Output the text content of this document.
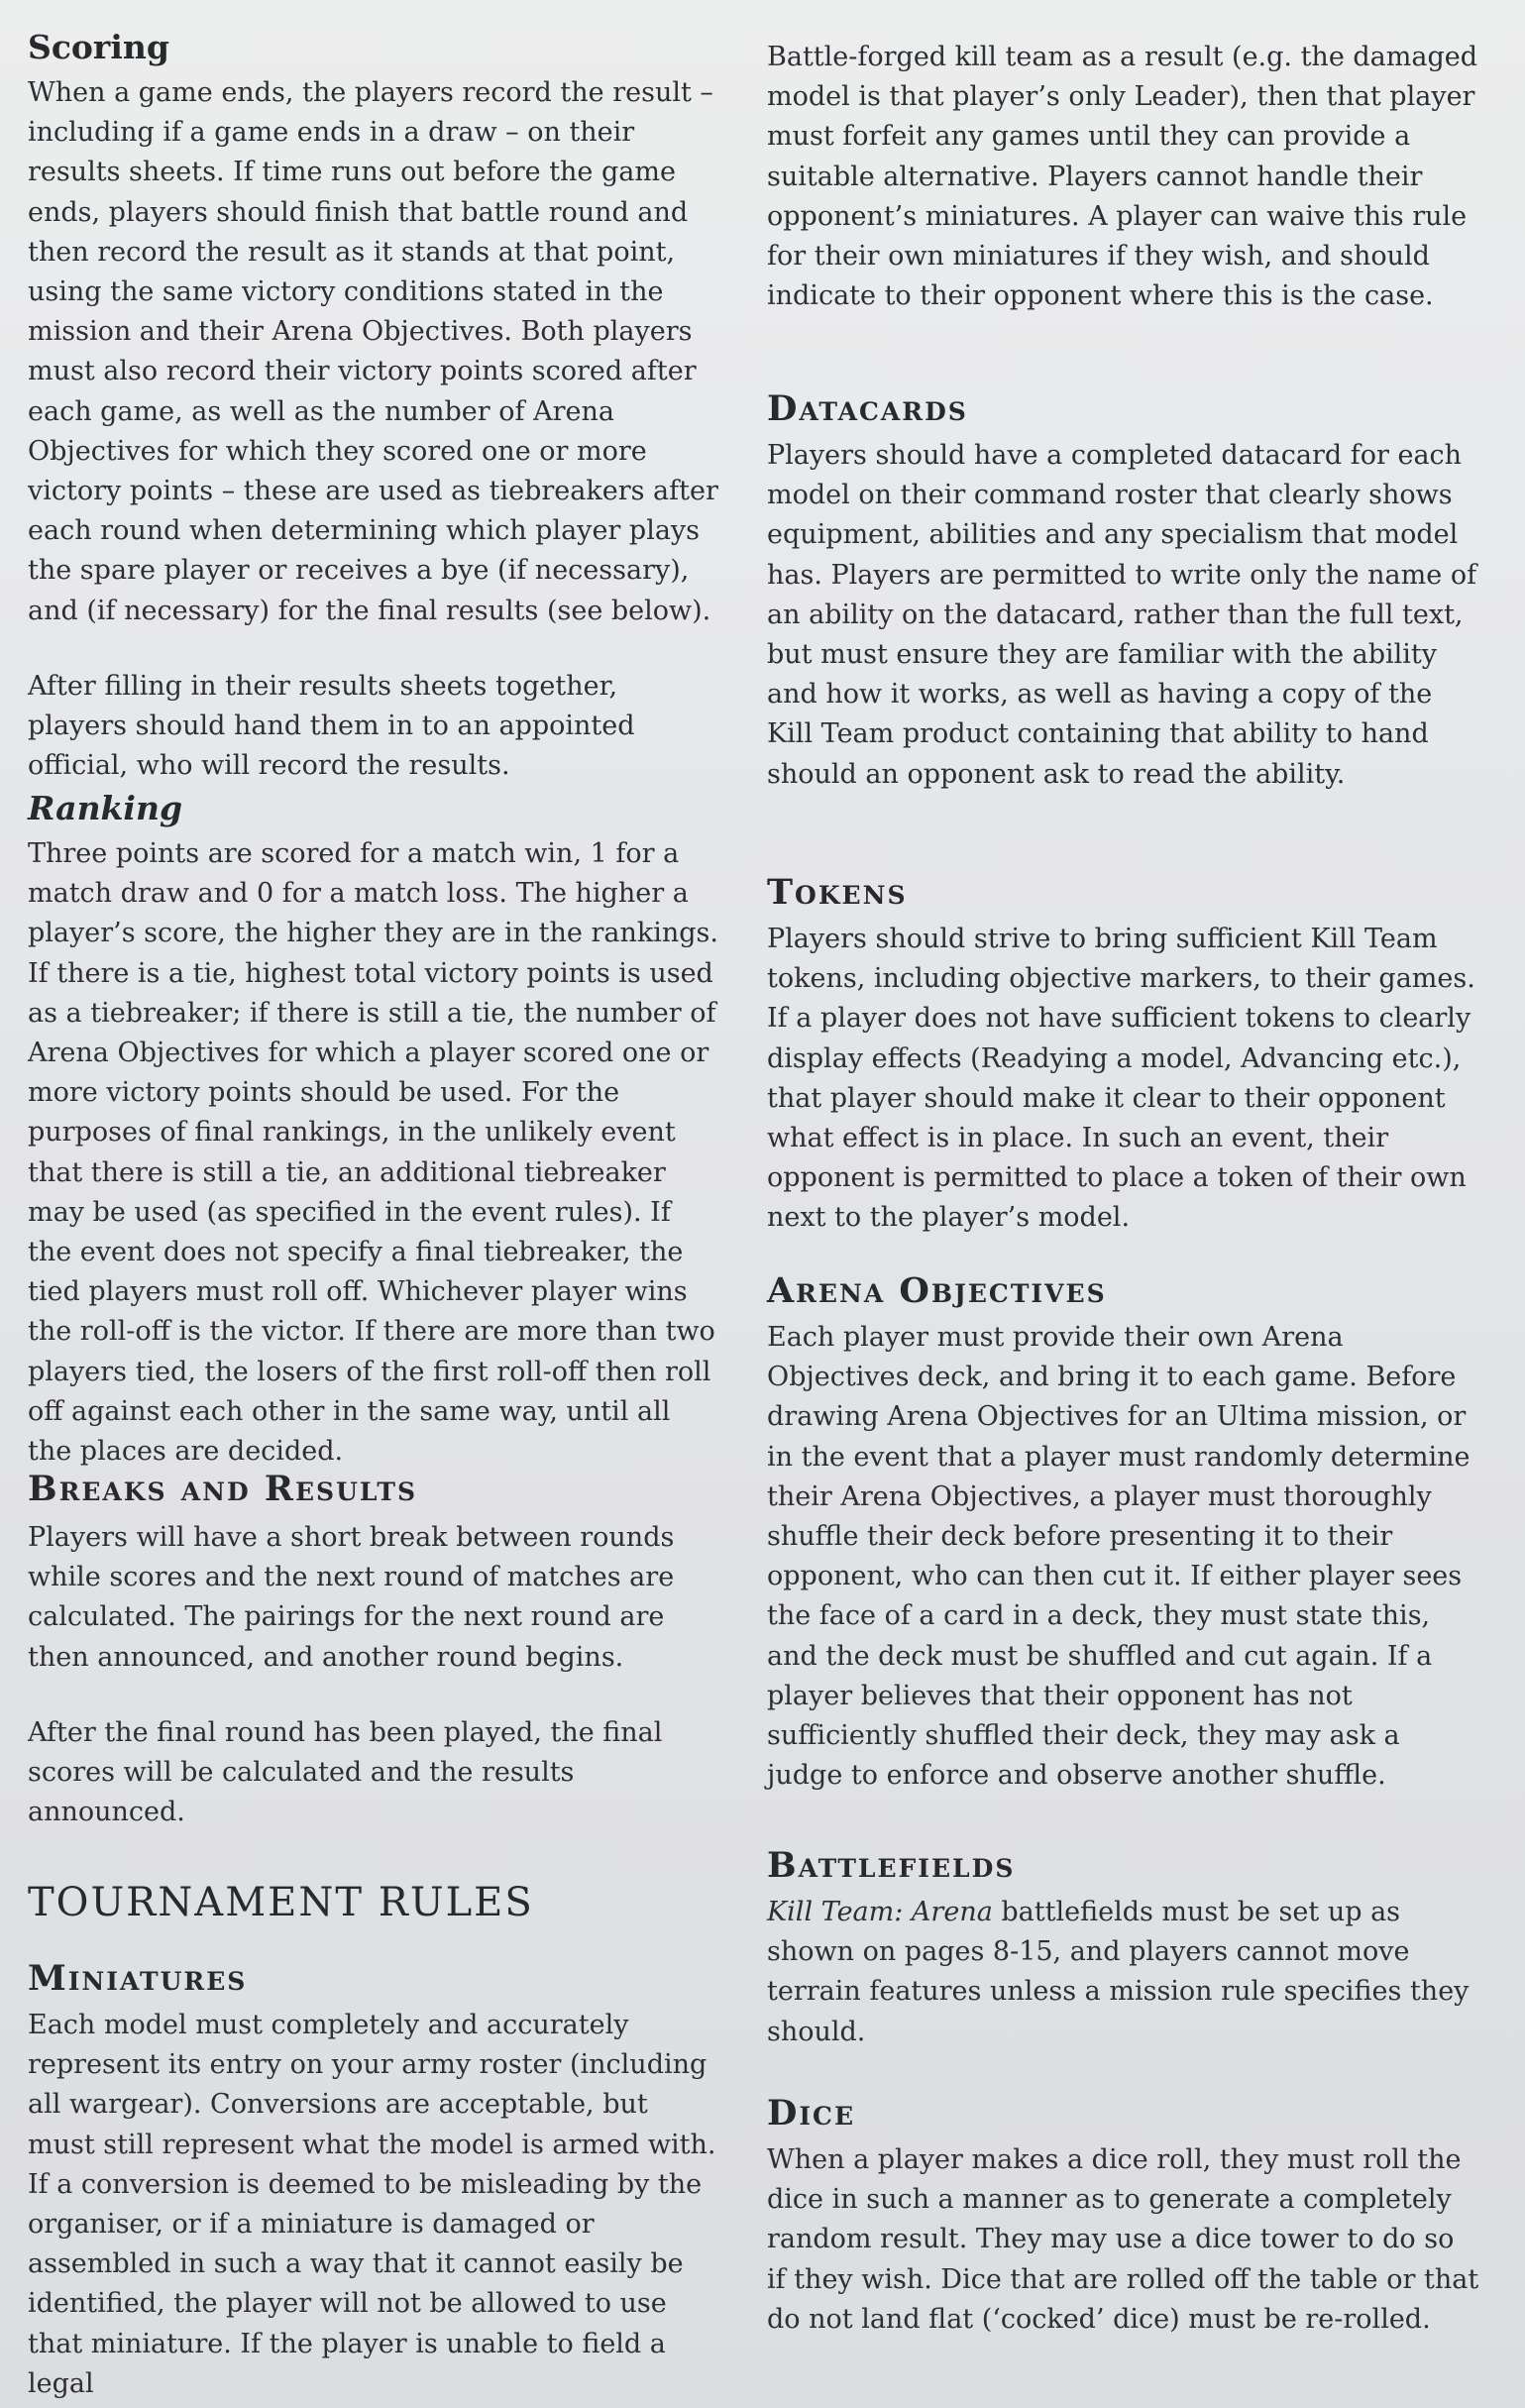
Scoring

When a game ends, the players record the result – including if a game ends in a draw – on their results sheets. If time runs out before the game ends, players should finish that battle round and then record the result as it stands at that point, using the same victory conditions stated in the mission and their Arena Objectives. Both players must also record their victory points scored after each game, as well as the number of Arena Objectives for which they scored one or more victory points – these are used as tiebreakers after each round when determining which player plays the spare player or receives a bye (if necessary), and (if necessary) for the final results (see below).

After filling in their results sheets together, players should hand them in to an appointed official, who will record the results.

Ranking

Three points are scored for a match win, 1 for a match draw and 0 for a match loss. The higher a player’s score, the higher they are in the rankings. If there is a tie, highest total victory points is used as a tiebreaker; if there is still a tie, the number of Arena Objectives for which a player scored one or more victory points should be used. For the purposes of final rankings, in the unlikely event that there is still a tie, an additional tiebreaker may be used (as specified in the event rules). If the event does not specify a final tiebreaker, the tied players must roll off. Whichever player wins the roll-off is the victor. If there are more than two players tied, the losers of the first roll-off then roll off against each other in the same way, until all the places are decided.

Breaks and Results

Players will have a short break between rounds while scores and the next round of matches are calculated. The pairings for the next round are then announced, and another round begins.

After the final round has been played, the final scores will be calculated and the results announced.

TOURNAMENT RULES
Miniatures

Each model must completely and accurately represent its entry on your army roster (including all wargear). Conversions are acceptable, but must still represent what the model is armed with. If a conversion is deemed to be misleading by the organiser, or if a miniature is damaged or assembled in such a way that it cannot easily be identified, the player will not be allowed to use that miniature. If the player is unable to field a legal

Battle-forged kill team as a result (e.g. the damaged model is that player’s only Leader), then that player must forfeit any games until they can provide a suitable alternative. Players cannot handle their opponent’s miniatures. A player can waive this rule for their own miniatures if they wish, and should indicate to their opponent where this is the case.

Datacards

Players should have a completed datacard for each model on their command roster that clearly shows equipment, abilities and any specialism that model has. Players are permitted to write only the name of an ability on the datacard, rather than the full text, but must ensure they are familiar with the ability and how it works, as well as having a copy of the Kill Team product containing that ability to hand should an opponent ask to read the ability.

Tokens

Players should strive to bring sufficient Kill Team tokens, including objective markers, to their games. If a player does not have sufficient tokens to clearly display effects (Readying a model, Advancing etc.), that player should make it clear to their opponent what effect is in place. In such an event, their opponent is permitted to place a token of their own next to the player’s model.

Arena Objectives

Each player must provide their own Arena Objectives deck, and bring it to each game. Before drawing Arena Objectives for an Ultima mission, or in the event that a player must randomly determine their Arena Objectives, a player must thoroughly shuffle their deck before presenting it to their opponent, who can then cut it. If either player sees the face of a card in a deck, they must state this, and the deck must be shuffled and cut again. If a player believes that their opponent has not sufficiently shuffled their deck, they may ask a judge to enforce and observe another shuffle.

Battlefields

Kill Team: Arena battlefields must be set up as shown on pages 8-15, and players cannot move terrain features unless a mission rule specifies they should.

Dice

When a player makes a dice roll, they must roll the dice in such a manner as to generate a completely random result. They may use a dice tower to do so if they wish. Dice that are rolled off the table or that do not land flat (‘cocked’ dice) must be re-rolled.
